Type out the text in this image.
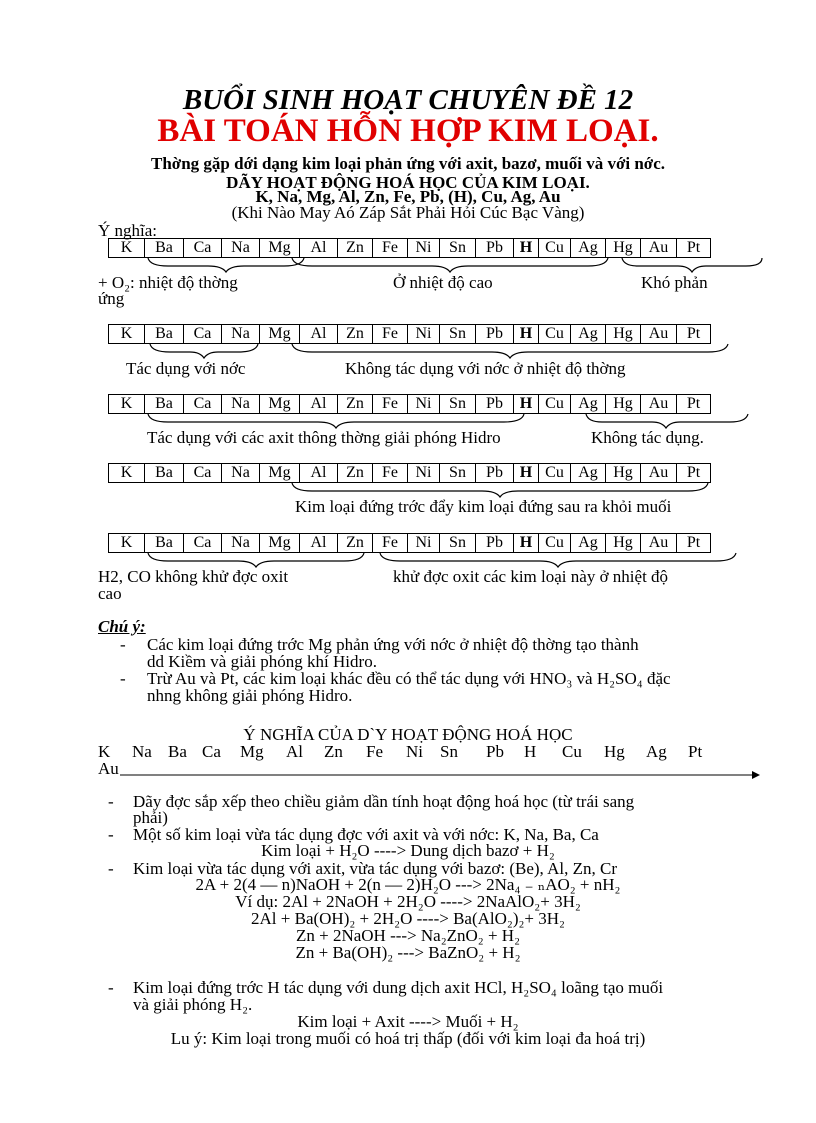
BUỔI SINH HOẠT CHUYÊN ĐỀ 12
BÀI TOÁN HỖN HỢP KIM LOẠI.
Thờng gặp dới dạng kim loại phản ứng với axit, bazơ, muối và với nớc.
DÃY HOẠT ĐỘNG HOÁ HỌC CỦA KIM LOẠI.
K, Na, Mg, Al, Zn, Fe, Pb, (H), Cu, Ag, Au
(Khi Nào May Aó Záp Sắt Phải Hỏi Cúc Bạc Vàng)
Ý nghĩa:
K	Ba	Ca	Na	Mg	Al	Zn	Fe	Ni	Sn	Pb	H Cu Ag Hg Au	Pt
K	Ba	Ca	Na	Mg	Al	Zn	Fe	Ni	Sn	Pb	H Cu Ag Hg Au	Pt
K	Ba	Ca	Na	Mg	Al	Zn	Fe	Ni	Sn	Pb	H Cu Ag Hg Au	Pt
K	Ba	Ca	Na	Mg	Al	Zn	Fe	Ni	Sn	Pb	H Cu Ag Hg Au	Pt
K	Ba	Ca	Na	Mg	Al	Zn	Fe	Ni	Sn	Pb	H Cu Ag Hg Au	Pt
+ O₂: nhiệt độ thờng	Ở nhiệt độ cao	Khó phản
ứng
Tác dụng với nớc	Không tác dụng với nớc ở nhiệt độ thờng
Tác dụng với các axit thông thờng giải phóng Hidro	Không tác dụng.
Kim loại đứng trớc đẩy kim loại đứng sau ra khỏi muối
H2, CO không khử đợc oxit	khử đợc oxit các kim loại này ở nhiệt độ
cao
Chú ý:
- Các kim loại đứng trớc Mg phản ứng với nớc ở nhiệt độ thờng tạo thành
dd Kiềm và giải phóng khí Hidro.
- Trừ Au và Pt, các kim loại khác đều có thể tác dụng với HNO₃ và H₂SO₄ đặc
nhng không giải phóng Hidro.
Ý NGHĨA CỦA D`Y HOẠT ĐỘNG HOÁ HỌC
K Na Ba Ca Mg Al Zn Fe Ni Sn Pb H Cu Hg Ag Pt
Au
- Dãy đợc sắp xếp theo chiều giảm dần tính hoạt động hoá học (từ trái sang
phải)
- Một số kim loại vừa tác dụng đợc với axit và với nớc: K, Na, Ba, Ca
Kim loại + H₂O ----> Dung dịch bazơ + H₂
- Kim loại vừa tác dụng với axit, vừa tác dụng với bazơ: (Be), Al, Zn, Cr
2A + 2(4 — n)NaOH + 2(n — 2)H₂O ---> 2Na₄ ₋ ₙAO₂ + nH₂
Ví dụ: 2Al + 2NaOH + 2H₂O ----> 2NaAlO₂+ 3H₂
2Al + Ba(OH)₂ + 2H₂O ----> Ba(AlO₂)₂+ 3H₂
Zn + 2NaOH ---> Na₂ZnO₂ + H₂
Zn + Ba(OH)₂ ---> BaZnO₂ + H₂
- Kim loại đứng trớc H tác dụng với dung dịch axit HCl, H₂SO₄ loãng tạo muối
và giải phóng H₂.
Kim loại + Axit ----> Muối + H₂
Lu ý: Kim loại trong muối có hoá trị thấp (đối với kim loại đa hoá trị)
